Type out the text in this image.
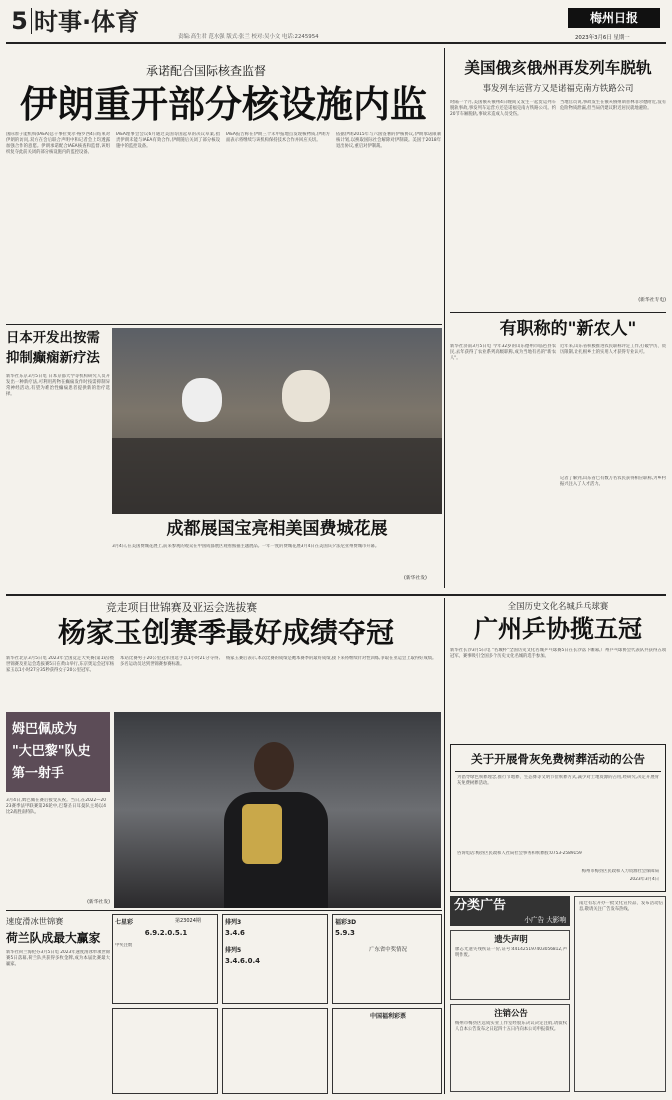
5 时事·体育
责编:高生君 范水强 版式:张兰 校对:吴小文 电话:2245954
梅州日报
2023年3月6日 星期一
承诺配合国际核查监督
伊朗重开部分核设施内监
国际原子能机构(IAEA)总干事拉斐尔·格罗西4日结束对伊朗的访问,双方在会后联合声明中和记者会上均透露加强合作的意愿。伊朗承诺配合IAEA核查和监督,该组织复夺此前关闭的部分核设施内的监控设备。
IAEA理事会会议6月通过美国等国起草的决议草案,指责伊朗未能与IAEA有效合作,伊朗随后关闭了部分核设施中的监控设备。
IAEA报告称在伊朗三个未申报地点发现核物质,伊朗方面表示将继续与该机构保持技术合作并回应关切。
依据伊朗2015年与六国签署的伊核协议,伊朗承诺限制核计划,以换取国际社会解除对伊制裁。美国于2018年退出协议,重启对伊制裁。
美国俄亥俄州再发列车脱轨
事发列车运营方又是诺福克南方铁路公司
时隔一个月,美国俄亥俄州4日晚间又发生一起货运列车脱轨事故,事发列车运营方还是诺福克南方铁路公司。约20节车厢脱轨,事故未造成人员受伤。
当地官员说,事故发生在俄亥俄州斯普林菲尔德附近,没有危险物质泄漏,但当局仍建议附近居民就地避险。
(新华社专电)
有职称的"新农人"
新华社济南3月5日电 今年32岁的山东德州市临邑县农民,去年获得了农业系列高级职称,成为当地有名的"新农人"。
近年来,山东省积极推进农民职称评定工作,打破学历、资历限制,让扎根乡土的实用人才获得专业认可。
记者了解到,山东省已有数万名农民获得相应职称,为乡村振兴注入了人才活力。
日本开发出按需
抑制癫痫新疗法
新华社东京3月5日电 日本京都大学等机构研究人员开发出一种新疗法,可利用药物在癫痫发作时按需抑制异常神经活动,有望为难治性癫痫患者提供新的治疗选择。
成都展国宝亮相美国费城花展
3月4日,在美国费城花展上,前来参观的观众在中国成都展区观看熊猫主题展品。一年一度的费城花展3月4日在美国宾夕法尼亚州费城市开幕。
(新华社发)
竞走项目世锦赛及亚运会选拔赛
杨家玉创赛季最好成绩夺冠
新华社北京3月5日电 2023年全国竞走大奖赛(第1站)暨世锦赛及亚运会选拔赛5日在黄山举行,东京奥运会冠军杨家玉以1小时27分35秒获得女子20公里冠军。
本站比赛男子20公里冠军由选手以1小时21分夺得,多名运动员达到世锦赛参赛标准。
杨家玉赛后表示,本次比赛的成绩是她本赛季的最好成绩,接下来将继续针对性训练,争取在亚运会上取得好成绩。
姆巴佩成为
"大巴黎"队史
第一射手
3月4日,姆巴佩在赛后接受庆祝。当日,在2022—2023赛季法甲联赛第26轮中,巴黎圣日耳曼队主场以4比2战胜南特队。
(新华社发)
全国历史文化名城乒乓球赛
广州乒协揽五冠
新华社长沙3月5日电 "名城杯"全国历史文化名城乒乓球赛5日在长沙落下帷幕,广州乒乓球协会代表队共获得五项冠军。赛事吸引全国多个历史文化名城的选手参加。
关于开展骨灰免费树葬活动的公告
为倡导绿色殡葬理念,推行节地葬、生态葬等文明节俭殡葬方式,减少对土地资源的占用,经研究,决定开展骨灰免费树葬活动。
咨询电话:梅县区民政和人社局社会事务和殡葬股:0753-2589159
梅州市梅县区民政和人力资源社会保障局
2023年3月4日
分类广告
小广告 大影响
遗失声明
廖志光遗失残疾证一份,证号:441425197403056812,声明作废。
注销公告
梅州市梅县区远成实业工作室经股东决议决定注销,请债权人自本公告发布之日起四十五日内向本公司申报债权。
南迁有坛开办一批文化宣传品、发布活动信息,敬请关注广告发布热线。
速度滑冰世锦赛
荷兰队成最大赢家
新华社荷兰海伦芬3月5日电 2023年速度滑冰单项世锦赛5日落幕,荷兰队共获得多枚金牌,成为本届比赛最大赢家。
七星彩	第23024期
6.9.2.0.5.1
中奖注数
排列3
3.4.6
排列5
3.4.6.0.4
福彩3D
5.9.3
广东省中奖情况
中国福利彩票
